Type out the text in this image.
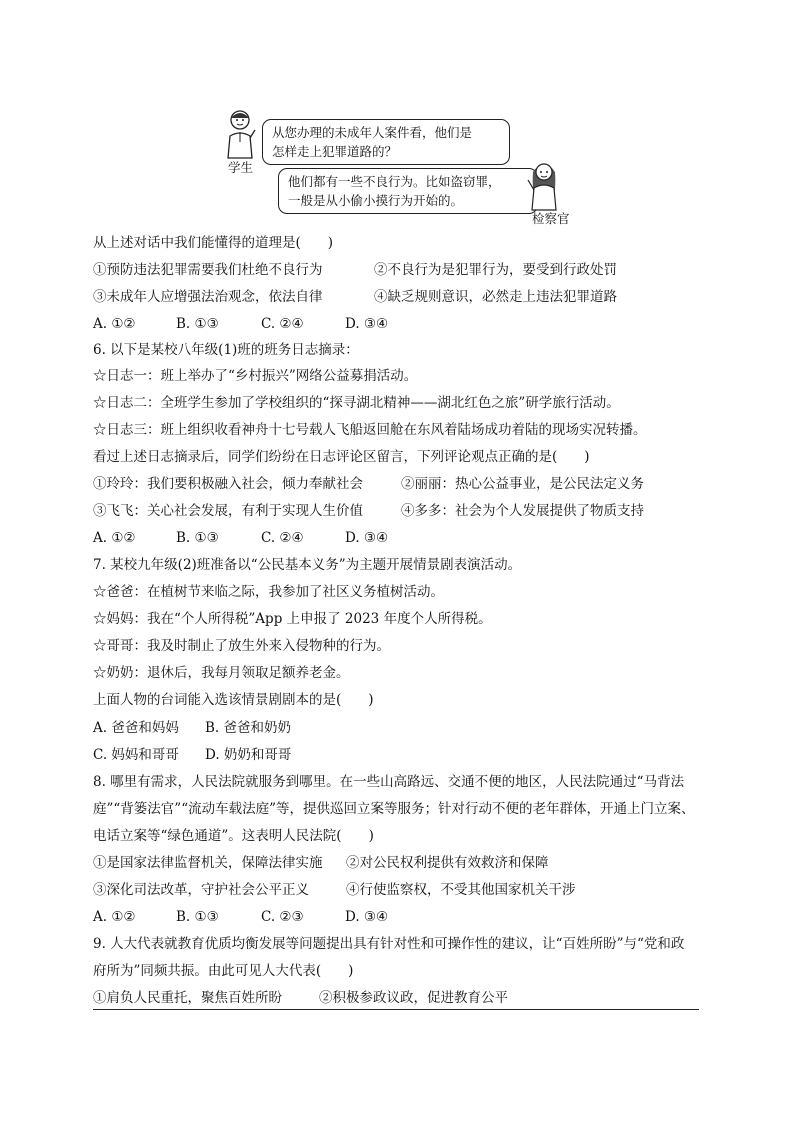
从您办理的未成年人案件看，他们是
怎样走上犯罪道路的？
学生
他们都有一些不良行为。比如盗窃罪，
一般是从小偷小摸行为开始的。
检察官
从上述对话中我们能懂得的道理是(　　)
①预防违法犯罪需要我们杜绝不良行为	②不良行为是犯罪行为，要受到行政处罚
③未成年人应增强法治观念，依法自律	④缺乏规则意识，必然走上违法犯罪道路
A. ①②	B. ①③	C. ②④	D. ③④
6. 以下是某校八年级(1)班的班务日志摘录：
☆日志一：班上举办了“乡村振兴”网络公益募捐活动。
☆日志二：全班学生参加了学校组织的“探寻湖北精神——湖北红色之旅”研学旅行活动。
☆日志三：班上组织收看神舟十七号载人飞船返回舱在东风着陆场成功着陆的现场实况转播。
看过上述日志摘录后，同学们纷纷在日志评论区留言，下列评论观点正确的是(　　)
①玲玲：我们要积极融入社会，倾力奉献社会	②丽丽：热心公益事业，是公民法定义务
③飞飞：关心社会发展，有利于实现人生价值	④多多：社会为个人发展提供了物质支持
A. ①②	B. ①③	C. ②④	D. ③④
7. 某校九年级(2)班准备以“公民基本义务”为主题开展情景剧表演活动。
☆爸爸：在植树节来临之际，我参加了社区义务植树活动。
☆妈妈：我在“个人所得税”App 上申报了 2023 年度个人所得税。
☆哥哥：我及时制止了放生外来入侵物种的行为。
☆奶奶：退休后，我每月领取足额养老金。
上面人物的台词能入选该情景剧剧本的是(　　)
A. 爸爸和妈妈 B. 爸爸和奶奶
C. 妈妈和哥哥 D. 奶奶和哥哥
8. 哪里有需求，人民法院就服务到哪里。在一些山高路远、交通不便的地区，人民法院通过“马背法
庭”“背篓法官”“流动车载法庭”等，提供巡回立案等服务；针对行动不便的老年群体，开通上门立案、
电话立案等“绿色通道”。这表明人民法院(　　)
①是国家法律监督机关，保障法律实施 ②对公民权利提供有效救济和保障
③深化司法改革，守护社会公平正义	④行使监察权，不受其他国家机关干涉
A. ①②	B. ①③	C. ②③	D. ③④
9. 人大代表就教育优质均衡发展等问题提出具有针对性和可操作性的建议，让“百姓所盼”与“党和政
府所为”同频共振。由此可见人大代表(　　)
①肩负人民重托，聚焦百姓所盼	②积极参政议政，促进教育公平
